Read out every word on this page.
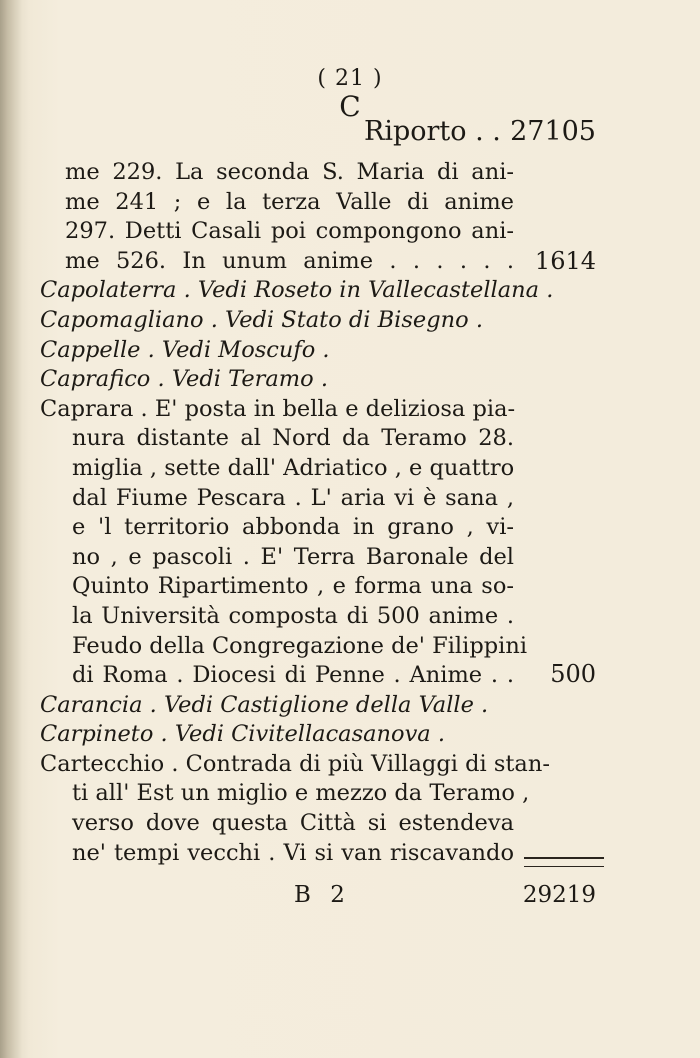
( 21 )
C
Riporto . . 27105
me 229. La seconda S. Maria di ani-
me 241 ; e la terza Valle di anime
297. Detti Casali poi compongono ani-
me 526. In unum anime . . . . . .
Capolaterra . Vedi Roseto in Vallecastellana .
Capomagliano . Vedi Stato di Bisegno .
Cappelle . Vedi Moscufo .
Caprafico . Vedi Teramo .
Caprara . E' posta in bella e deliziosa pia-
nura distante al Nord da Teramo 28.
miglia , sette dall' Adriatico , e quattro
dal Fiume Pescara . L' aria vi è sana ,
e 'l territorio abbonda in grano , vi-
no , e pascoli . E' Terra Baronale del
Quinto Ripartimento , e forma una so-
la Università composta di 500 anime .
Feudo della Congregazione de' Filippini
di Roma . Diocesi di Penne . Anime . .
Carancia . Vedi Castiglione della Valle .
Carpineto . Vedi Civitellacasanova .
Cartecchio . Contrada di più Villaggi di stan-
ti all' Est un miglio e mezzo da Teramo ,
verso dove questa Città si estendeva
ne' tempi vecchi . Vi si van riscavando
1614
500
B 2	29219
